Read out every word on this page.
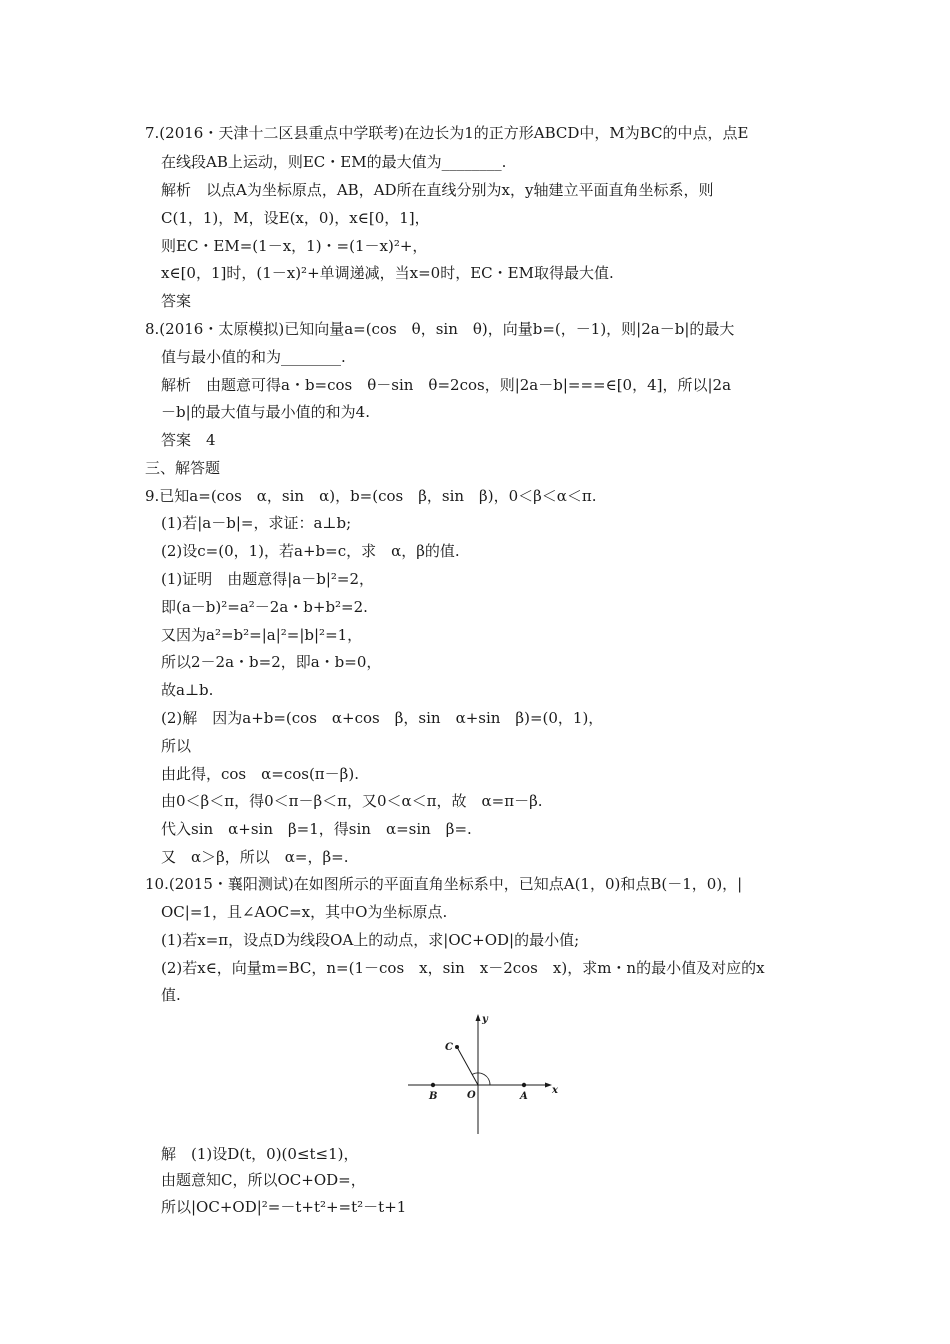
7.(2016・天津十二区县重点中学联考)在边长为1的正方形ABCD中，M为BC的中点，点E
在线段AB上运动，则EC・EM的最大值为________.
解析　以点A为坐标原点，AB，AD所在直线分别为x，y轴建立平面直角坐标系，则
C(1，1)，M，设E(x，0)，x∈[0，1]，
则EC・EM=(1－x，1)・=(1－x)²+，
x∈[0，1]时，(1－x)²+单调递减，当x=0时，EC・EM取得最大值.
答案
8.(2016・太原模拟)已知向量a=(cos　θ，sin　θ)，向量b=(，－1)，则|2a－b|的最大
值与最小值的和为________.
解析　由题意可得a・b=cos　θ－sin　θ=2cos，则|2a－b|===∈[0，4]，所以|2a
－b|的最大值与最小值的和为4.
答案　4
三、解答题
9.已知a=(cos　α，sin　α)，b=(cos　β，sin　β)，0＜β＜α＜π.
(1)若|a－b|=，求证：a⊥b;
(2)设c=(0，1)，若a+b=c，求　α，β的值.
(1)证明　由题意得|a－b|²=2，
即(a－b)²=a²－2a・b+b²=2.
又因为a²=b²=|a|²=|b|²=1，
所以2－2a・b=2，即a・b=0，
故a⊥b.
(2)解　因为a+b=(cos　α+cos　β，sin　α+sin　β)=(0，1)，
所以
由此得，cos　α=cos(π－β).
由0＜β＜π，得0＜π－β＜π，又0＜α＜π，故　α=π－β.
代入sin　α+sin　β=1，得sin　α=sin　β=.
又　α＞β，所以　α=，β=.
10.(2015・襄阳测试)在如图所示的平面直角坐标系中，已知点A(1，0)和点B(－1，0)，|
OC|=1，且∠AOC=x，其中O为坐标原点.
(1)若x=π，设点D为线段OA上的动点，求|OC+OD|的最小值;
(2)若x∈，向量m=BC，n=(1－cos　x，sin　x－2cos　x)，求m・n的最小值及对应的x
值.
x
y
C
B	O	A
解　(1)设D(t，0)(0≤t≤1)，
由题意知C，所以OC+OD=，
所以|OC+OD|²=－t+t²+=t²－t+1
